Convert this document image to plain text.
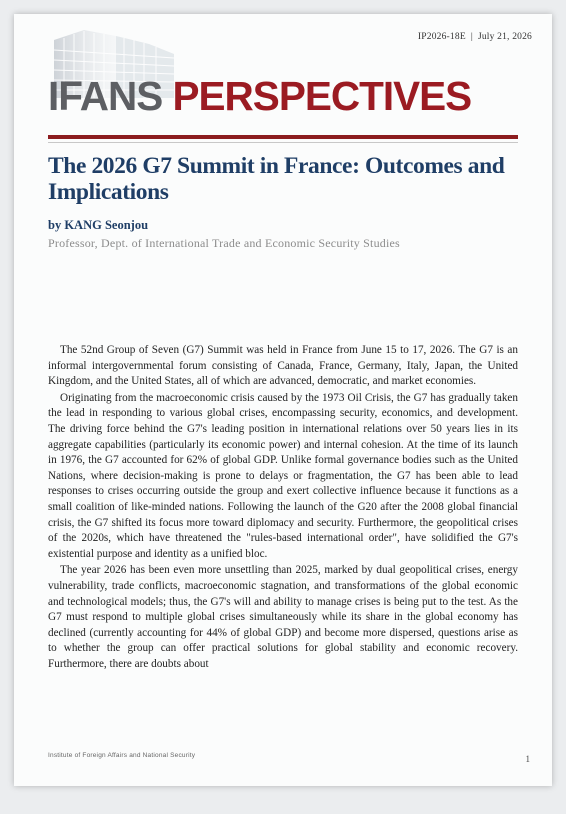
IP2026-18E | July 21, 2026
IFANS PERSPECTIVES
The 2026 G7 Summit in France: Outcomes and Implications
by KANG Seonjou
Professor, Dept. of International Trade and Economic Security Studies

The 52nd Group of Seven (G7) Summit was held in France from June 15 to 17, 2026. The G7 is an informal intergovernmental forum consisting of Canada, France, Germany, Italy, Japan, the United Kingdom, and the United States, all of which are advanced, democratic, and market economies.

Originating from the macroeconomic crisis caused by the 1973 Oil Crisis, the G7 has gradually taken the lead in responding to various global crises, encompassing security, economics, and development. The driving force behind the G7's leading position in international relations over 50 years lies in its aggregate capabilities (particularly its economic power) and internal cohesion. At the time of its launch in 1976, the G7 accounted for 62% of global GDP. Unlike formal governance bodies such as the United Nations, where decision-making is prone to delays or fragmentation, the G7 has been able to lead responses to crises occurring outside the group and exert collective influence because it functions as a small coalition of like-minded nations. Following the launch of the G20 after the 2008 global financial crisis, the G7 shifted its focus more toward diplomacy and security. Furthermore, the geopolitical crises of the 2020s, which have threatened the "rules-based international order", have solidified the G7's existential purpose and identity as a unified bloc.

The year 2026 has been even more unsettling than 2025, marked by dual geopolitical crises, energy vulnerability, trade conflicts, macroeconomic stagnation, and transformations of the global economic and technological models; thus, the G7's will and ability to manage crises is being put to the test. As the G7 must respond to multiple global crises simultaneously while its share in the global economy has declined (currently accounting for 44% of global GDP) and become more dispersed, questions arise as to whether the group can offer practical solutions for global stability and economic recovery. Furthermore, there are doubts about

Institute of Foreign Affairs and National Security	1
